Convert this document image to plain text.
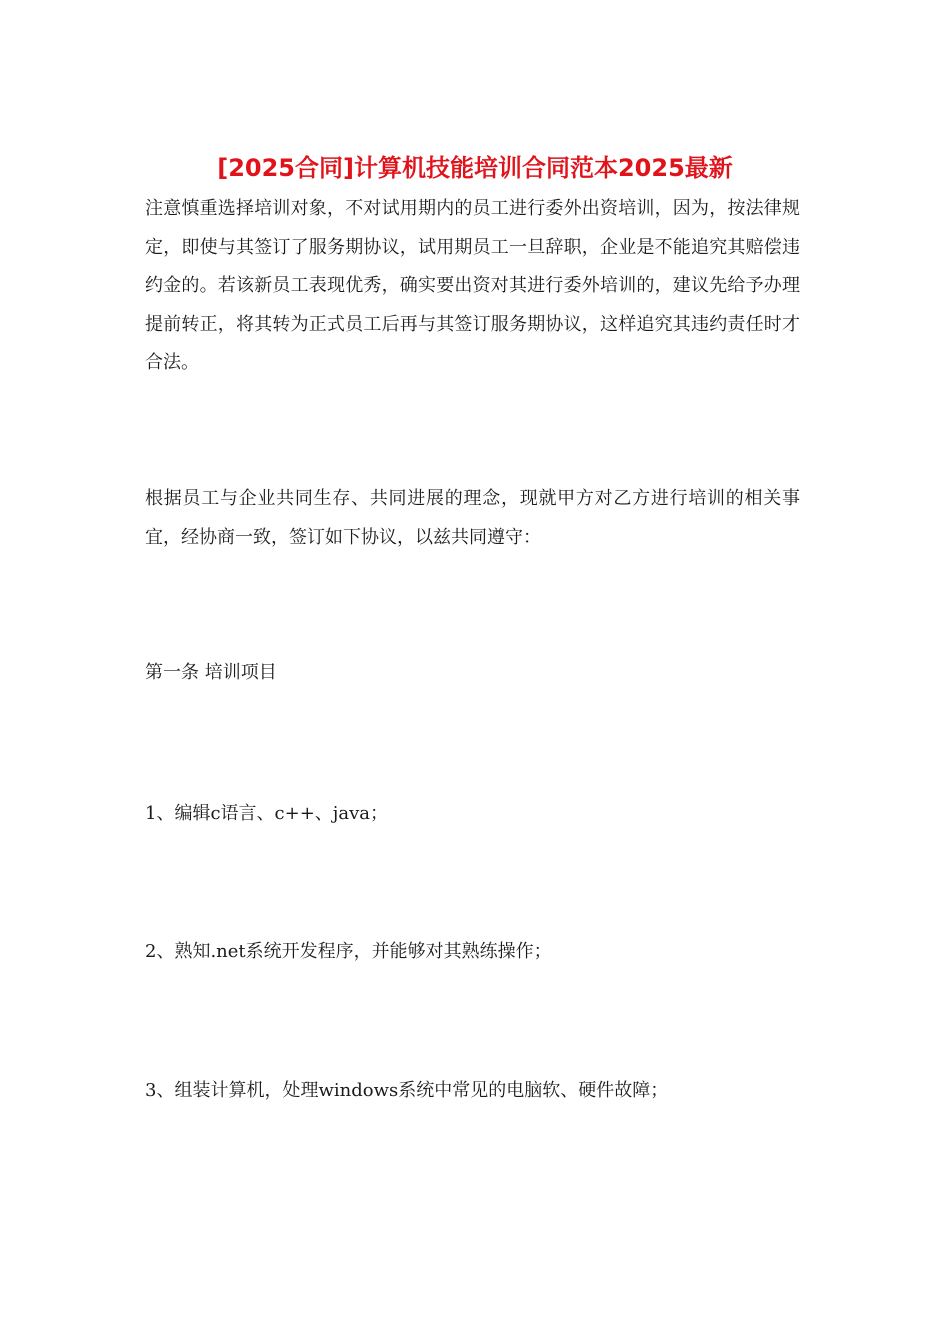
[2025合同]计算机技能培训合同范本2025最新

注意慎重选择培训对象，不对试用期内的员工进行委外出资培训，因为，按法律规定，即使与其签订了服务期协议，试用期员工一旦辞职，企业是不能追究其赔偿违约金的。若该新员工表现优秀，确实要出资对其进行委外培训的，建议先给予办理提前转正，将其转为正式员工后再与其签订服务期协议，这样追究其违约责任时才合法。

根据员工与企业共同生存、共同进展的理念，现就甲方对乙方进行培训的相关事宜，经协商一致，签订如下协议，以兹共同遵守：

第一条 培训项目

1、编辑c语言、c++、java；

2、熟知.net系统开发程序，并能够对其熟练操作；

3、组装计算机，处理windows系统中常见的电脑软、硬件故障；
